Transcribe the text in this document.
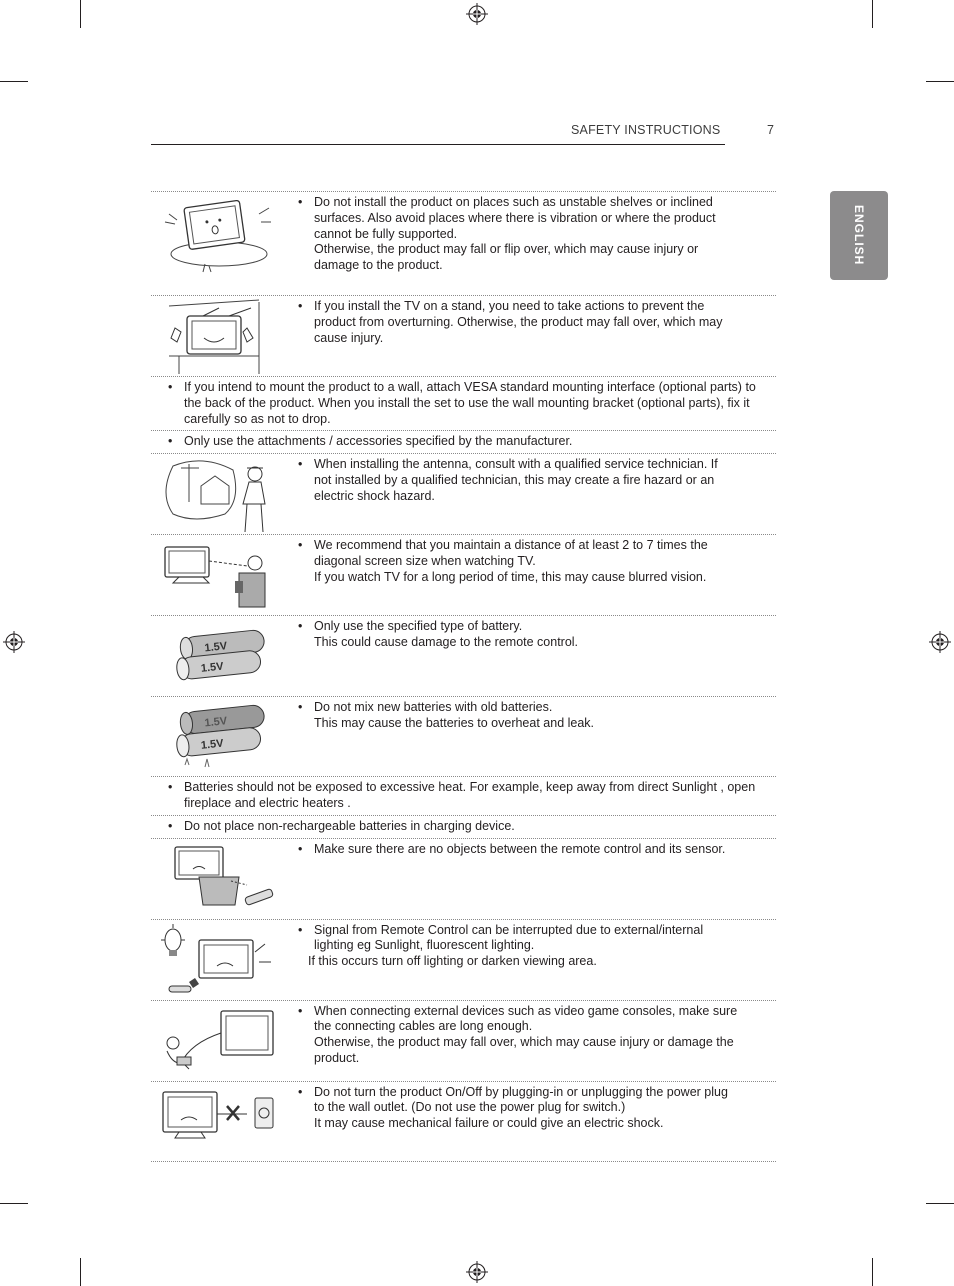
SAFETY INSTRUCTIONS	7
ENGLISH
• Do not install the product on places such as unstable shelves or inclined surfaces. Also avoid places where there is vibration or where the product cannot be fully supported.
Otherwise, the product may fall or flip over, which may cause injury or damage to the product.
• If you install the TV on a stand, you need to take actions to prevent the product from overturning. Otherwise, the product may fall over, which may cause injury.
• If you intend to mount the product to a wall, attach VESA standard mounting interface (optional parts) to the back of the product. When you install the set to use the wall mounting bracket (optional parts), fix it carefully so as not to drop.
• Only use the attachments / accessories specified by the manufacturer.
• When installing the antenna, consult with a qualified service technician. If not installed by a qualified technician, this may create a fire hazard or an electric shock hazard.
• We recommend that you maintain a distance of at least 2 to 7 times the diagonal screen size when watching TV.
If you watch TV for a long period of time, this may cause blurred vision.
1.5V
1.5V
• Only use the specified type of battery.
This could cause damage to the remote control.
1.5V
1.5V
• Do not mix new batteries with old batteries.
This may cause the batteries to overheat and leak.
• Batteries should not be exposed to excessive heat. For example, keep away from direct Sunlight , open fireplace and electric heaters .
• Do not place non-rechargeable batteries in charging device.
• Make sure there are no objects between the remote control and its sensor.
• Signal from Remote Control can be interrupted due to external/internal lighting eg Sunlight, fluorescent lighting.
If this occurs turn off lighting or darken viewing area.
• When connecting external devices such as video game consoles, make sure the connecting cables are long enough.
Otherwise, the product may fall over, which may cause injury or damage the product.
• Do not turn the product On/Off by plugging-in or unplugging the power plug to the wall outlet. (Do not use the power plug for switch.)
It may cause mechanical failure or could give an electric shock.
